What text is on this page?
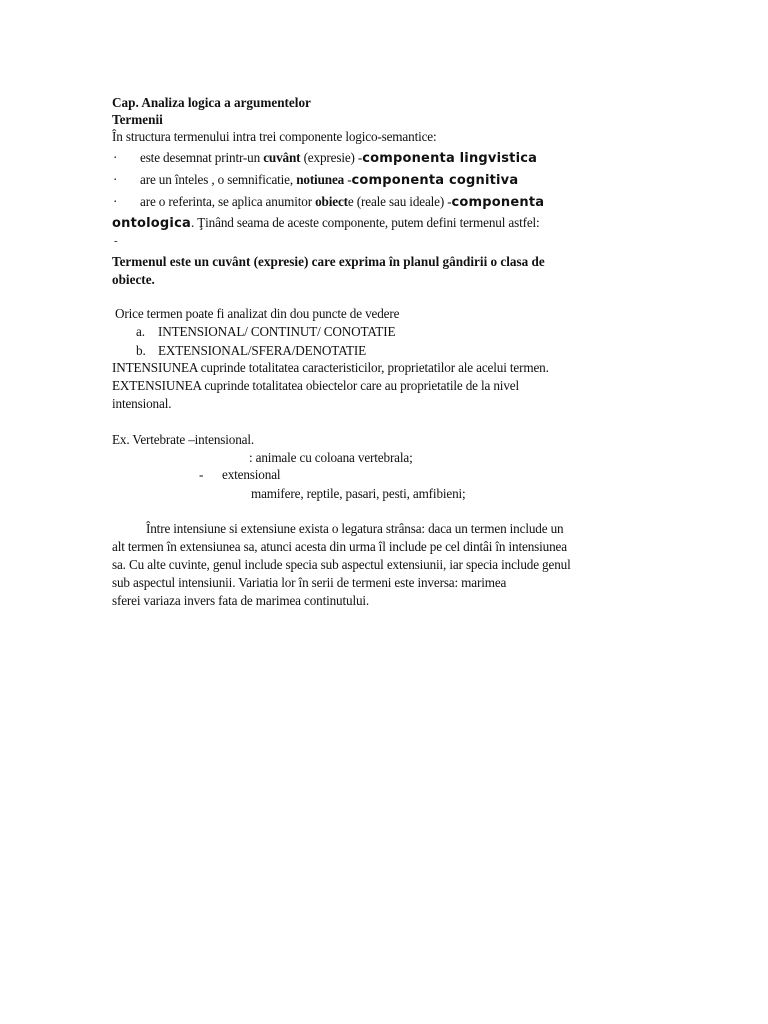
Cap. Analiza logica a argumentelor
Termenii
În structura termenului intra trei componente logico-semantice:
· este desemnat printr-un cuvânt (expresie) -componenta lingvistica
· are un înteles , o semnificatie, notiunea -componenta cognitiva
· are o referinta, se aplica anumitor obiecte (reale sau ideale) -componenta
ontologica. Ţinând seama de aceste componente, putem defini termenul astfel:
-
Termenul este un cuvânt (expresie) care exprima în planul gândirii o clasa de
obiecte.
Orice termen poate fi analizat din dou puncte de vedere
a. INTENSIONAL/ CONTINUT/ CONOTATIE
b. EXTENSIONAL/SFERA/DENOTATIE
INTENSIUNEA cuprinde totalitatea caracteristicilor, proprietatilor ale acelui termen.
EXTENSIUNEA cuprinde totalitatea obiectelor care au proprietatile de la nivel
intensional.
Ex. Vertebrate –intensional.
: animale cu coloana vertebrala;
- extensional
mamifere, reptile, pasari, pesti, amfibieni;
Între intensiune si extensiune exista o legatura strânsa: daca un termen include un
alt termen în extensiunea sa, atunci acesta din urma îl include pe cel dintâi în intensiunea
sa. Cu alte cuvinte, genul include specia sub aspectul extensiunii, iar specia include genul
sub aspectul intensiunii. Variatia lor în serii de termeni este inversa: marimea
sferei variaza invers fata de marimea continutului.
